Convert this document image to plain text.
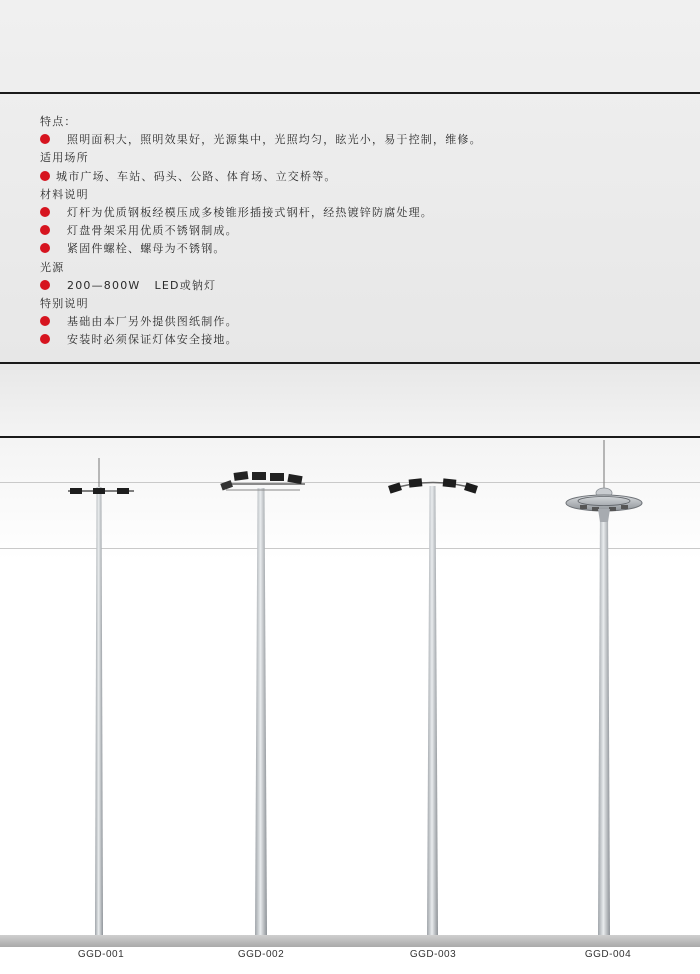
特点：
照明面积大，照明效果好，光源集中，光照均匀，眩光小，易于控制，维修。
适用场所
城市广场、车站、码头、公路、体育场、立交桥等。
材料说明
灯杆为优质钢板经模压成多棱锥形插接式钢杆，经热镀锌防腐处理。
灯盘骨架采用优质不锈钢制成。
紧固件螺栓、螺母为不锈钢。
光源
200—800W   LED或钠灯
特别说明
基础由本厂另外提供图纸制作。
安装时必须保证灯体安全接地。
GGD-001	GGD-002	GGD-003	GGD-004
